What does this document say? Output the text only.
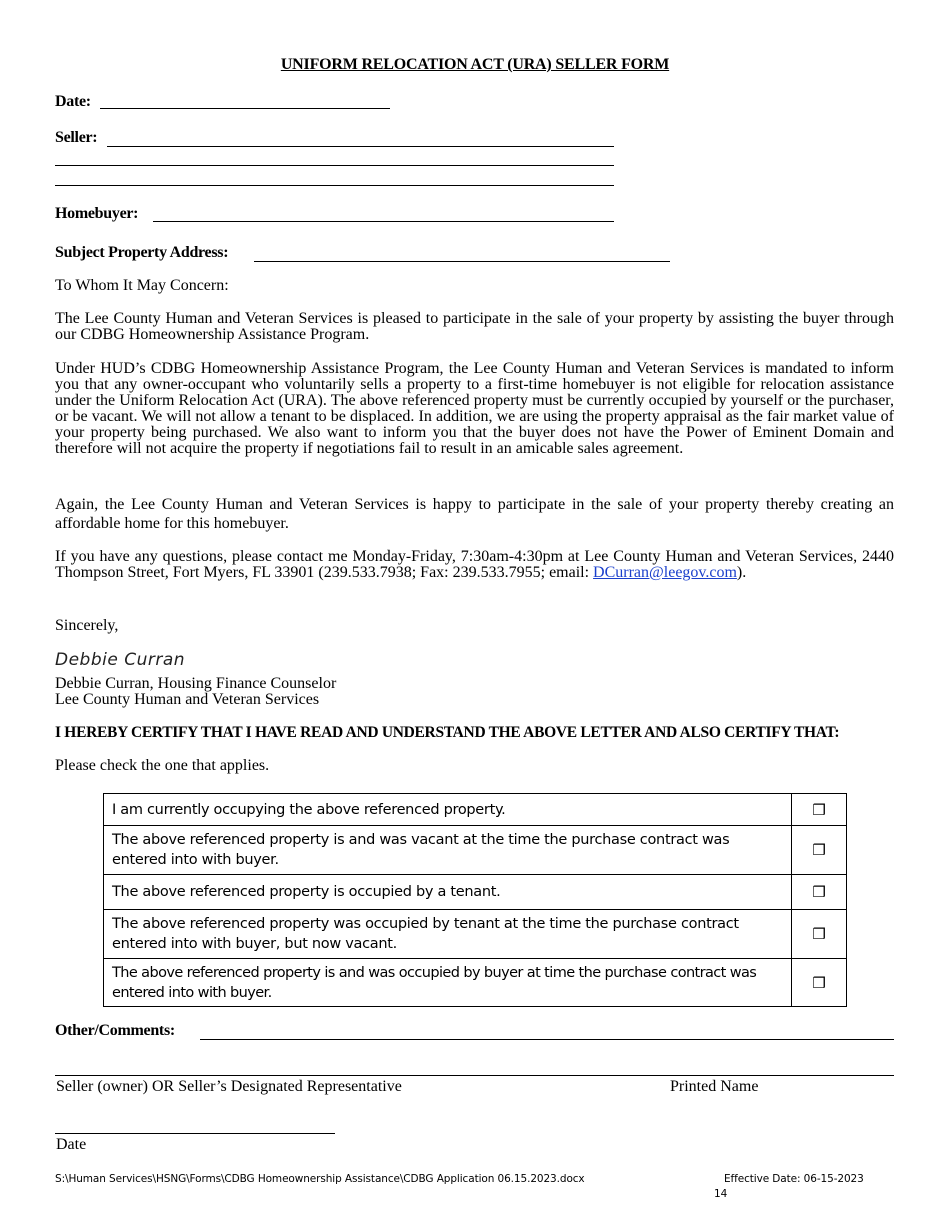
UNIFORM RELOCATION ACT (URA) SELLER FORM
Date:
Seller:
Homebuyer:
Subject Property Address:
To Whom It May Concern:
The Lee County Human and Veteran Services is pleased to participate in the sale of your property by assisting the buyer through our CDBG Homeownership Assistance Program.
Under HUD’s CDBG Homeownership Assistance Program, the Lee County Human and Veteran Services is mandated to inform you that any owner-occupant who voluntarily sells a property to a first-time homebuyer is not eligible for relocation assistance under the Uniform Relocation Act (URA). The above referenced property must be currently occupied by yourself or the purchaser, or be vacant. We will not allow a tenant to be displaced. In addition, we are using the property appraisal as the fair market value of your property being purchased. We also want to inform you that the buyer does not have the Power of Eminent Domain and therefore will not acquire the property if negotiations fail to result in an amicable sales agreement.
Again, the Lee County Human and Veteran Services is happy to participate in the sale of your property thereby creating an affordable home for this homebuyer.
If you have any questions, please contact me Monday-Friday, 7:30am-4:30pm at Lee County Human and Veteran Services, 2440 Thompson Street, Fort Myers, FL 33901 (239.533.7938; Fax: 239.533.7955; email: DCurran@leegov.com).
Sincerely,
Debbie Curran
Debbie Curran, Housing Finance Counselor
Lee County Human and Veteran Services
I HEREBY CERTIFY THAT I HAVE READ AND UNDERSTAND THE ABOVE LETTER AND ALSO CERTIFY THAT:
Please check the one that applies.
I am currently occupying the above referenced property.	❒
The above referenced property is and was vacant at the time the purchase contract was entered into with buyer.	❒
The above referenced property is occupied by a tenant.	❒
The above referenced property was occupied by tenant at the time the purchase contract entered into with buyer, but now vacant.	❒
The above referenced property is and was occupied by buyer at time the purchase contract was entered into with buyer.	❒
Other/Comments:
Seller (owner) OR Seller’s Designated Representative	Printed Name
Date
S:\Human Services\HSNG\Forms\CDBG Homeownership Assistance\CDBG Application 06.15.2023.docx	Effective Date: 06-15-2023
14
